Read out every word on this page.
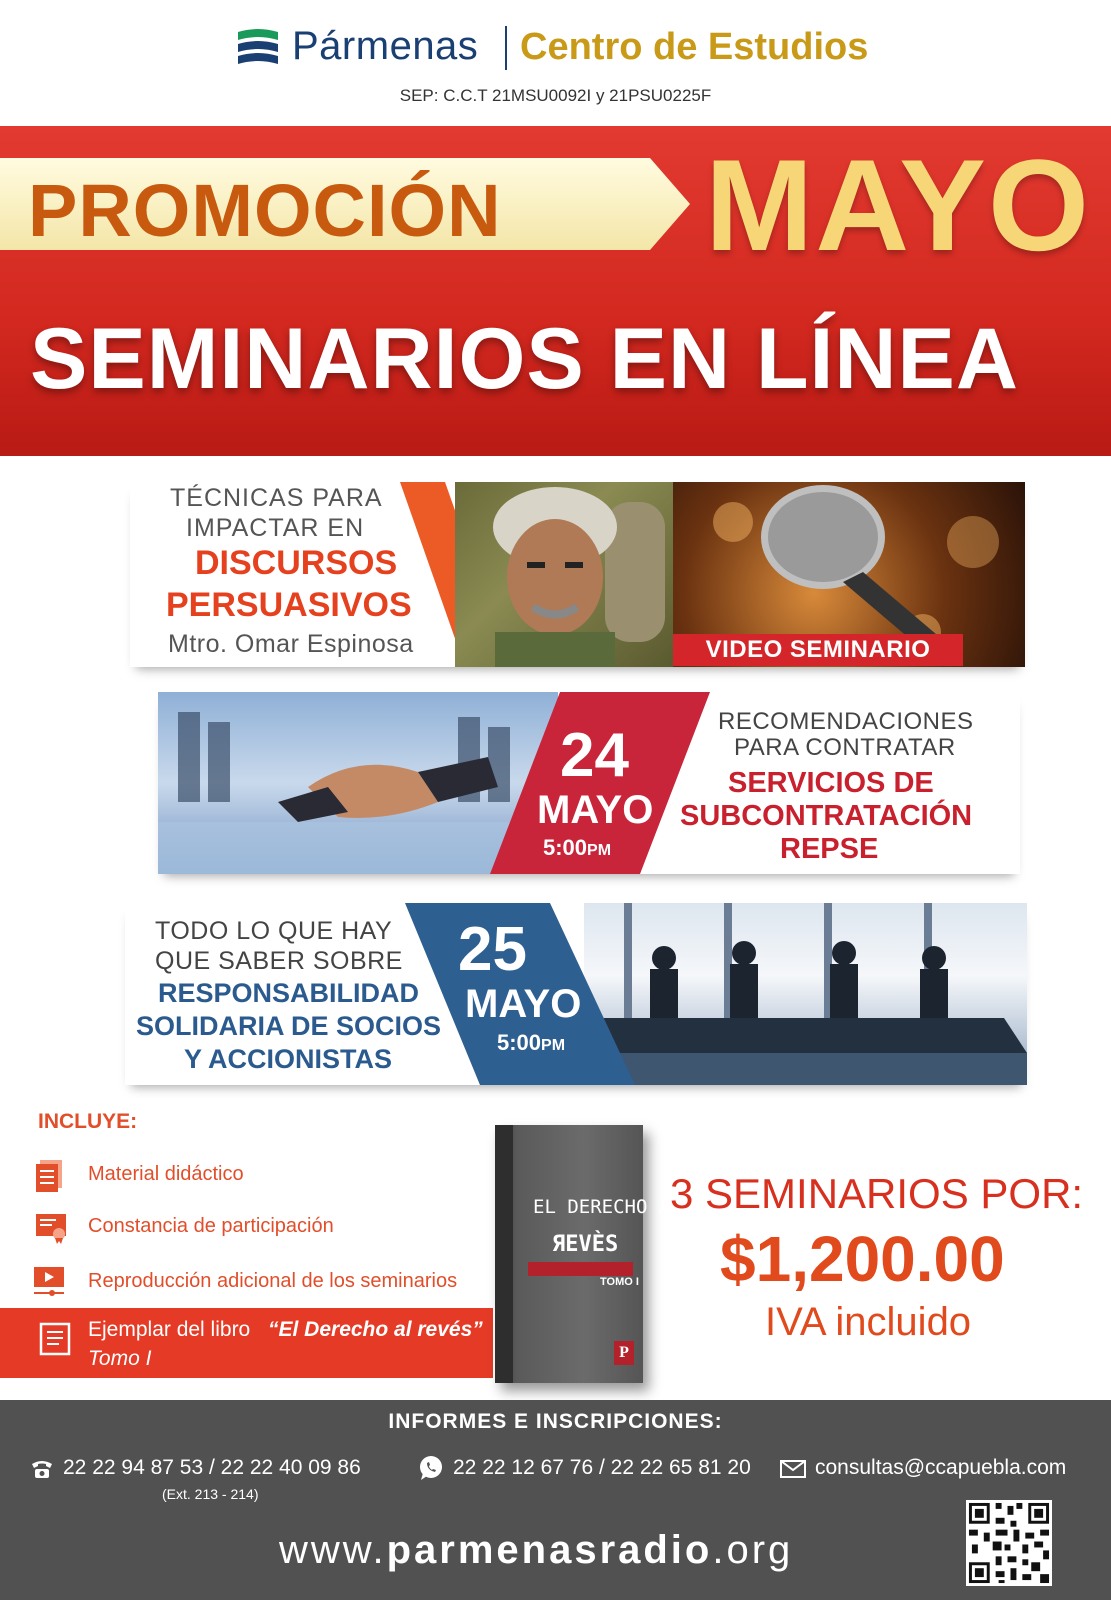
Pármenas Centro de Estudios
SEP: C.C.T 21MSU0092I y 21PSU0225F
PROMOCIÓN MAYO
SEMINARIOS EN LÍNEA
TÉCNICAS PARA
IMPACTAR EN
DISCURSOS
PERSUASIVOS
Mtro. Omar Espinosa	VIDEO SEMINARIO
24
MAYO
5:00PM
RECOMENDACIONES
PARA CONTRATAR
SERVICIOS DE
SUBCONTRATACIÓN
REPSE
TODO LO QUE HAY
QUE SABER SOBRE
RESPONSABILIDAD
SOLIDARIA DE SOCIOS
Y ACCIONISTAS
25
MAYO
5:00PM
INCLUYE:
Material didáctico
Constancia de participación
Reproducción adicional de los seminarios
Ejemplar del libro “El Derecho al revés”
Tomo I
EL DERECHO AL
ЯEVÈS
TOMO I
P
3 SEMINARIOS POR:
$1,200.00
IVA incluido
INFORMES E INSCRIPCIONES:
22 22 94 87 53 / 22 22 40 09 86
(Ext. 213 - 214)
22 22 12 67 76 / 22 22 65 81 20	consultas@ccapuebla.com
www.parmenasradio.org
